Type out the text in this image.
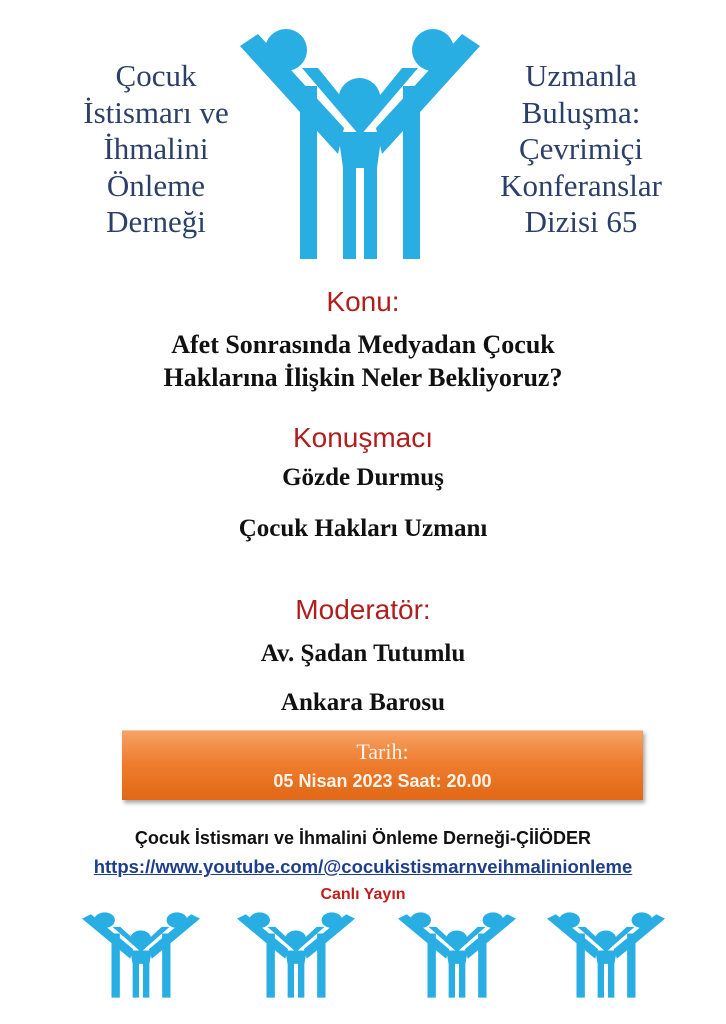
Çocuk
İstismarı ve
İhmalini
Önleme
Derneği
Uzmanla
Buluşma:
Çevrimiçi
Konferanslar
Dizisi 65
Konu:
Afet Sonrasında Medyadan Çocuk
Haklarına İlişkin Neler Bekliyoruz?
Konuşmacı
Gözde Durmuş
Çocuk Hakları Uzmanı
Moderatör:
Av. Şadan Tutumlu
Ankara Barosu
Tarih:
05 Nisan 2023 Saat: 20.00
Çocuk İstismarı ve İhmalini Önleme Derneği-ÇİİÖDER
https://www.youtube.com/@cocukistismarnveihmalinionleme
Canlı Yayın
